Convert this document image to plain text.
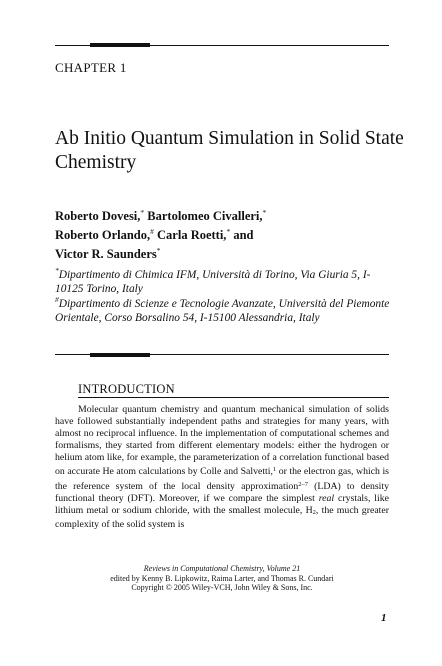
CHAPTER 1
Ab Initio Quantum Simulation in Solid State Chemistry
Roberto Dovesi,* Bartolomeo Civalleri,*
Roberto Orlando,# Carla Roetti,* and
Victor R. Saunders*
*Dipartimento di Chimica IFM, Università di Torino, Via Giuria 5, I-10125 Torino, Italy
#Dipartimento di Scienze e Tecnologie Avanzate, Università del Piemonte Orientale, Corso Borsalino 54, I-15100 Alessandria, Italy
INTRODUCTION

Molecular quantum chemistry and quantum mechanical simulation of solids have followed substantially independent paths and strategies for many years, with almost no reciprocal influence. In the implementation of computational schemes and formalisms, they started from different elementary models: either the hydrogen or helium atom like, for example, the parameterization of a correlation functional based on accurate He atom calculations by Colle and Salvetti,$^1$ or the electron gas, which is the reference system of the local density approximation$^{2-7}$ (LDA) to density functional theory (DFT). Moreover, if we compare the simplest real crystals, like lithium metal or sodium chloride, with the smallest molecule, $H_2$, the much greater complexity of the solid system is

Reviews in Computational Chemistry, Volume 21
edited by Kenny B. Lipkowitz, Raima Larter, and Thomas R. Cundari
Copyright © 2005 Wiley-VCH, John Wiley & Sons, Inc.
1
